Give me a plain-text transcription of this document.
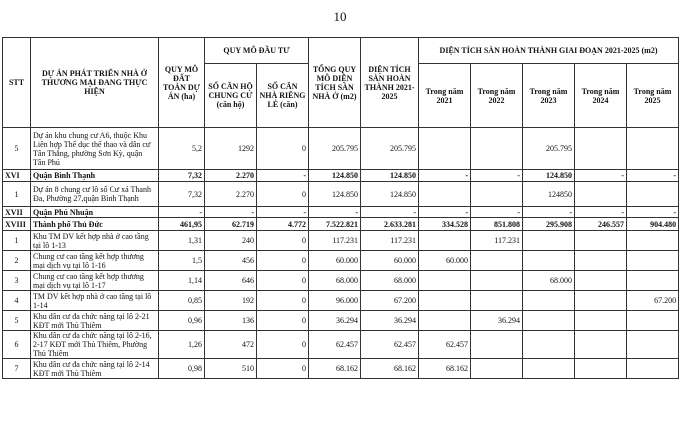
10
STT	DỰ ÁN PHÁT TRIỂN NHÀ Ở THƯƠNG MẠI ĐANG THỰC HIỆN	QUY MÔ ĐẤT TOÀN DỰ ÁN (ha)	QUY MÔ ĐẦU TƯ		TỔNG QUY MÔ DIỆN TÍCH SÀN NHÀ Ở (m2)	DIỆN TÍCH SÀN HOÀN THÀNH 2021-2025	DIỆN TÍCH SÀN HOÀN THÀNH GIAI ĐOẠN 2021-2025 (m2)				
			SỐ CĂN HỘ CHUNG CƯ (căn hộ)	SỐ CĂN NHÀ RIÊNG LẺ (căn)			Trong năm 2021	Trong năm 2022	Trong năm 2023	Trong năm 2024	Trong năm 2025
5	Dự án khu chung cư A6, thuộc Khu Liên hợp Thể dục thể thao và dân cư Tân Thắng, phường Sơn Kỳ, quận Tân Phú	5,2	1292	0	205.795	205.795			205.795		
XVI	Quận Bình Thạnh	7,32	2.270	-	124.850	124.850	-	-	124.850	-	-
1	Dự án 8 chung cư lô số Cư xá Thanh Đa, Phường 27,quận Bình Thạnh	7,32	2.270	0	124.850	124.850			124850		
XVII	Quận Phú Nhuận	-	-	-	-	-	-	-	-	-	-
XVIII	Thành phố Thủ Đức	461,95	62.719	4.772	7.522.821	2.633.281	334.528	851.808	295.908	246.557	904.480
1	Khu TM DV kết hợp nhà ở cao tầng tại lô 1-13	1,31	240	0	117.231	117.231		117.231			
2	Chung cư cao tầng kết hợp thương mại dịch vụ tại lô 1-16	1,5	456	0	60.000	60.000	60.000				
3	Chung cư cao tầng kết hợp thương mại dịch vụ tại lô 1-17	1,14	646	0	68.000	68.000			68.000		
4	TM DV kết hợp nhà ở cao tầng tại lô 1-14	0,85	192	0	96.000	67.200					67.200
5	Khu dân cư đa chức năng tại lô 2-21 KĐT mới Thủ Thiêm	0,96	136	0	36.294	36.294		36.294			
6	Khu dân cư đa chức năng tại lô 2-16, 2-17 KĐT mới Thủ Thiêm, Phường Thủ Thiêm	1,26	472	0	62.457	62.457	62.457				
7	Khu dân cư đa chức năng tại lô 2-14 KĐT mới Thủ Thiêm	0,98	510	0	68.162	68.162	68.162				
